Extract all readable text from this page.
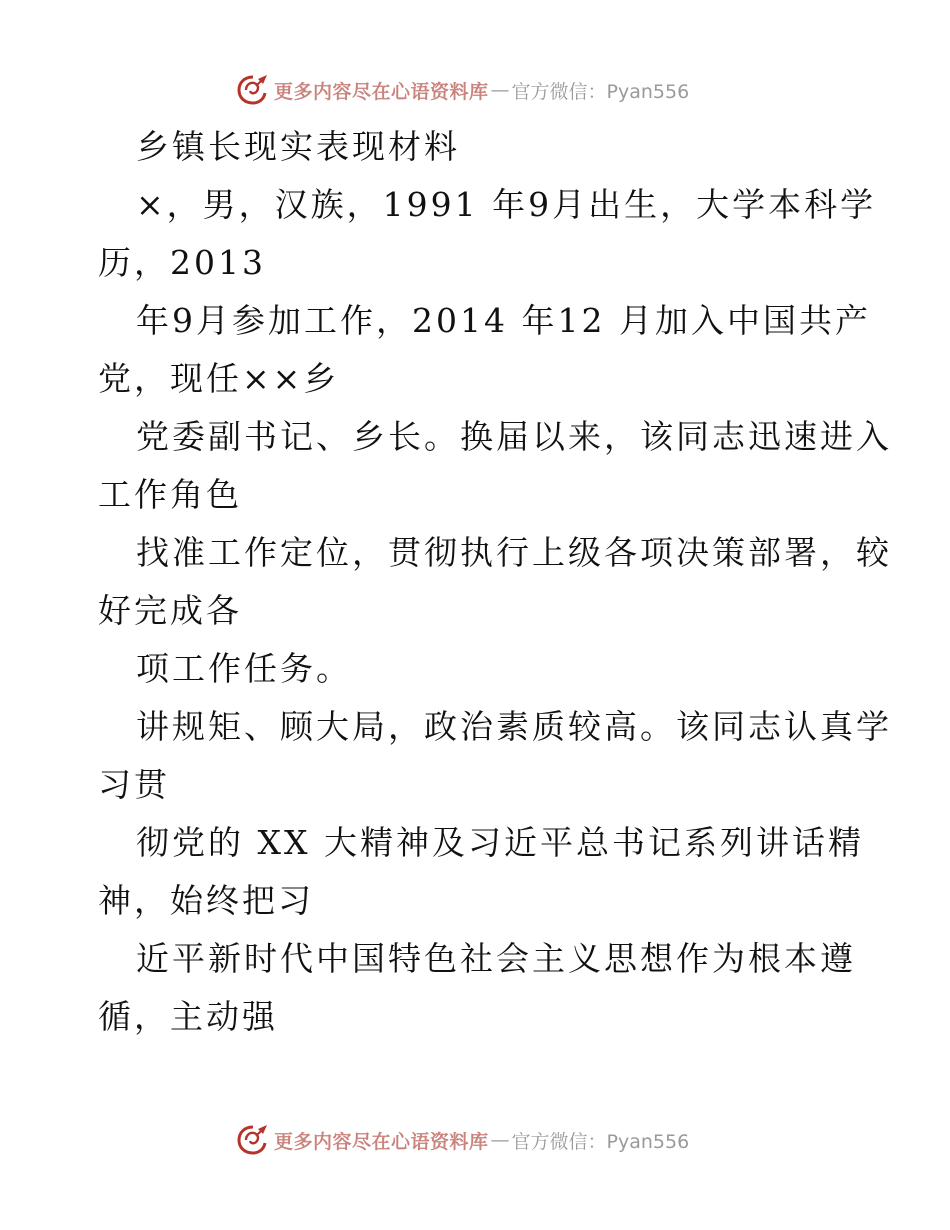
更多内容尽在心语资料库 — 官方微信：Pyan556
乡镇长现实表现材料
×，男，汉族，1991 年9月出生，大学本科学
历，2013
年9月参加工作，2014 年12 月加入中国共产
党，现任××乡
党委副书记、乡长。换届以来，该同志迅速进入
工作角色
找准工作定位，贯彻执行上级各项决策部署，较
好完成各
项工作任务。
讲规矩、顾大局，政治素质较高。该同志认真学
习贯
彻党的 XX 大精神及习近平总书记系列讲话精
神，始终把习
近平新时代中国特色社会主义思想作为根本遵
循，主动强
更多内容尽在心语资料库 — 官方微信：Pyan556
